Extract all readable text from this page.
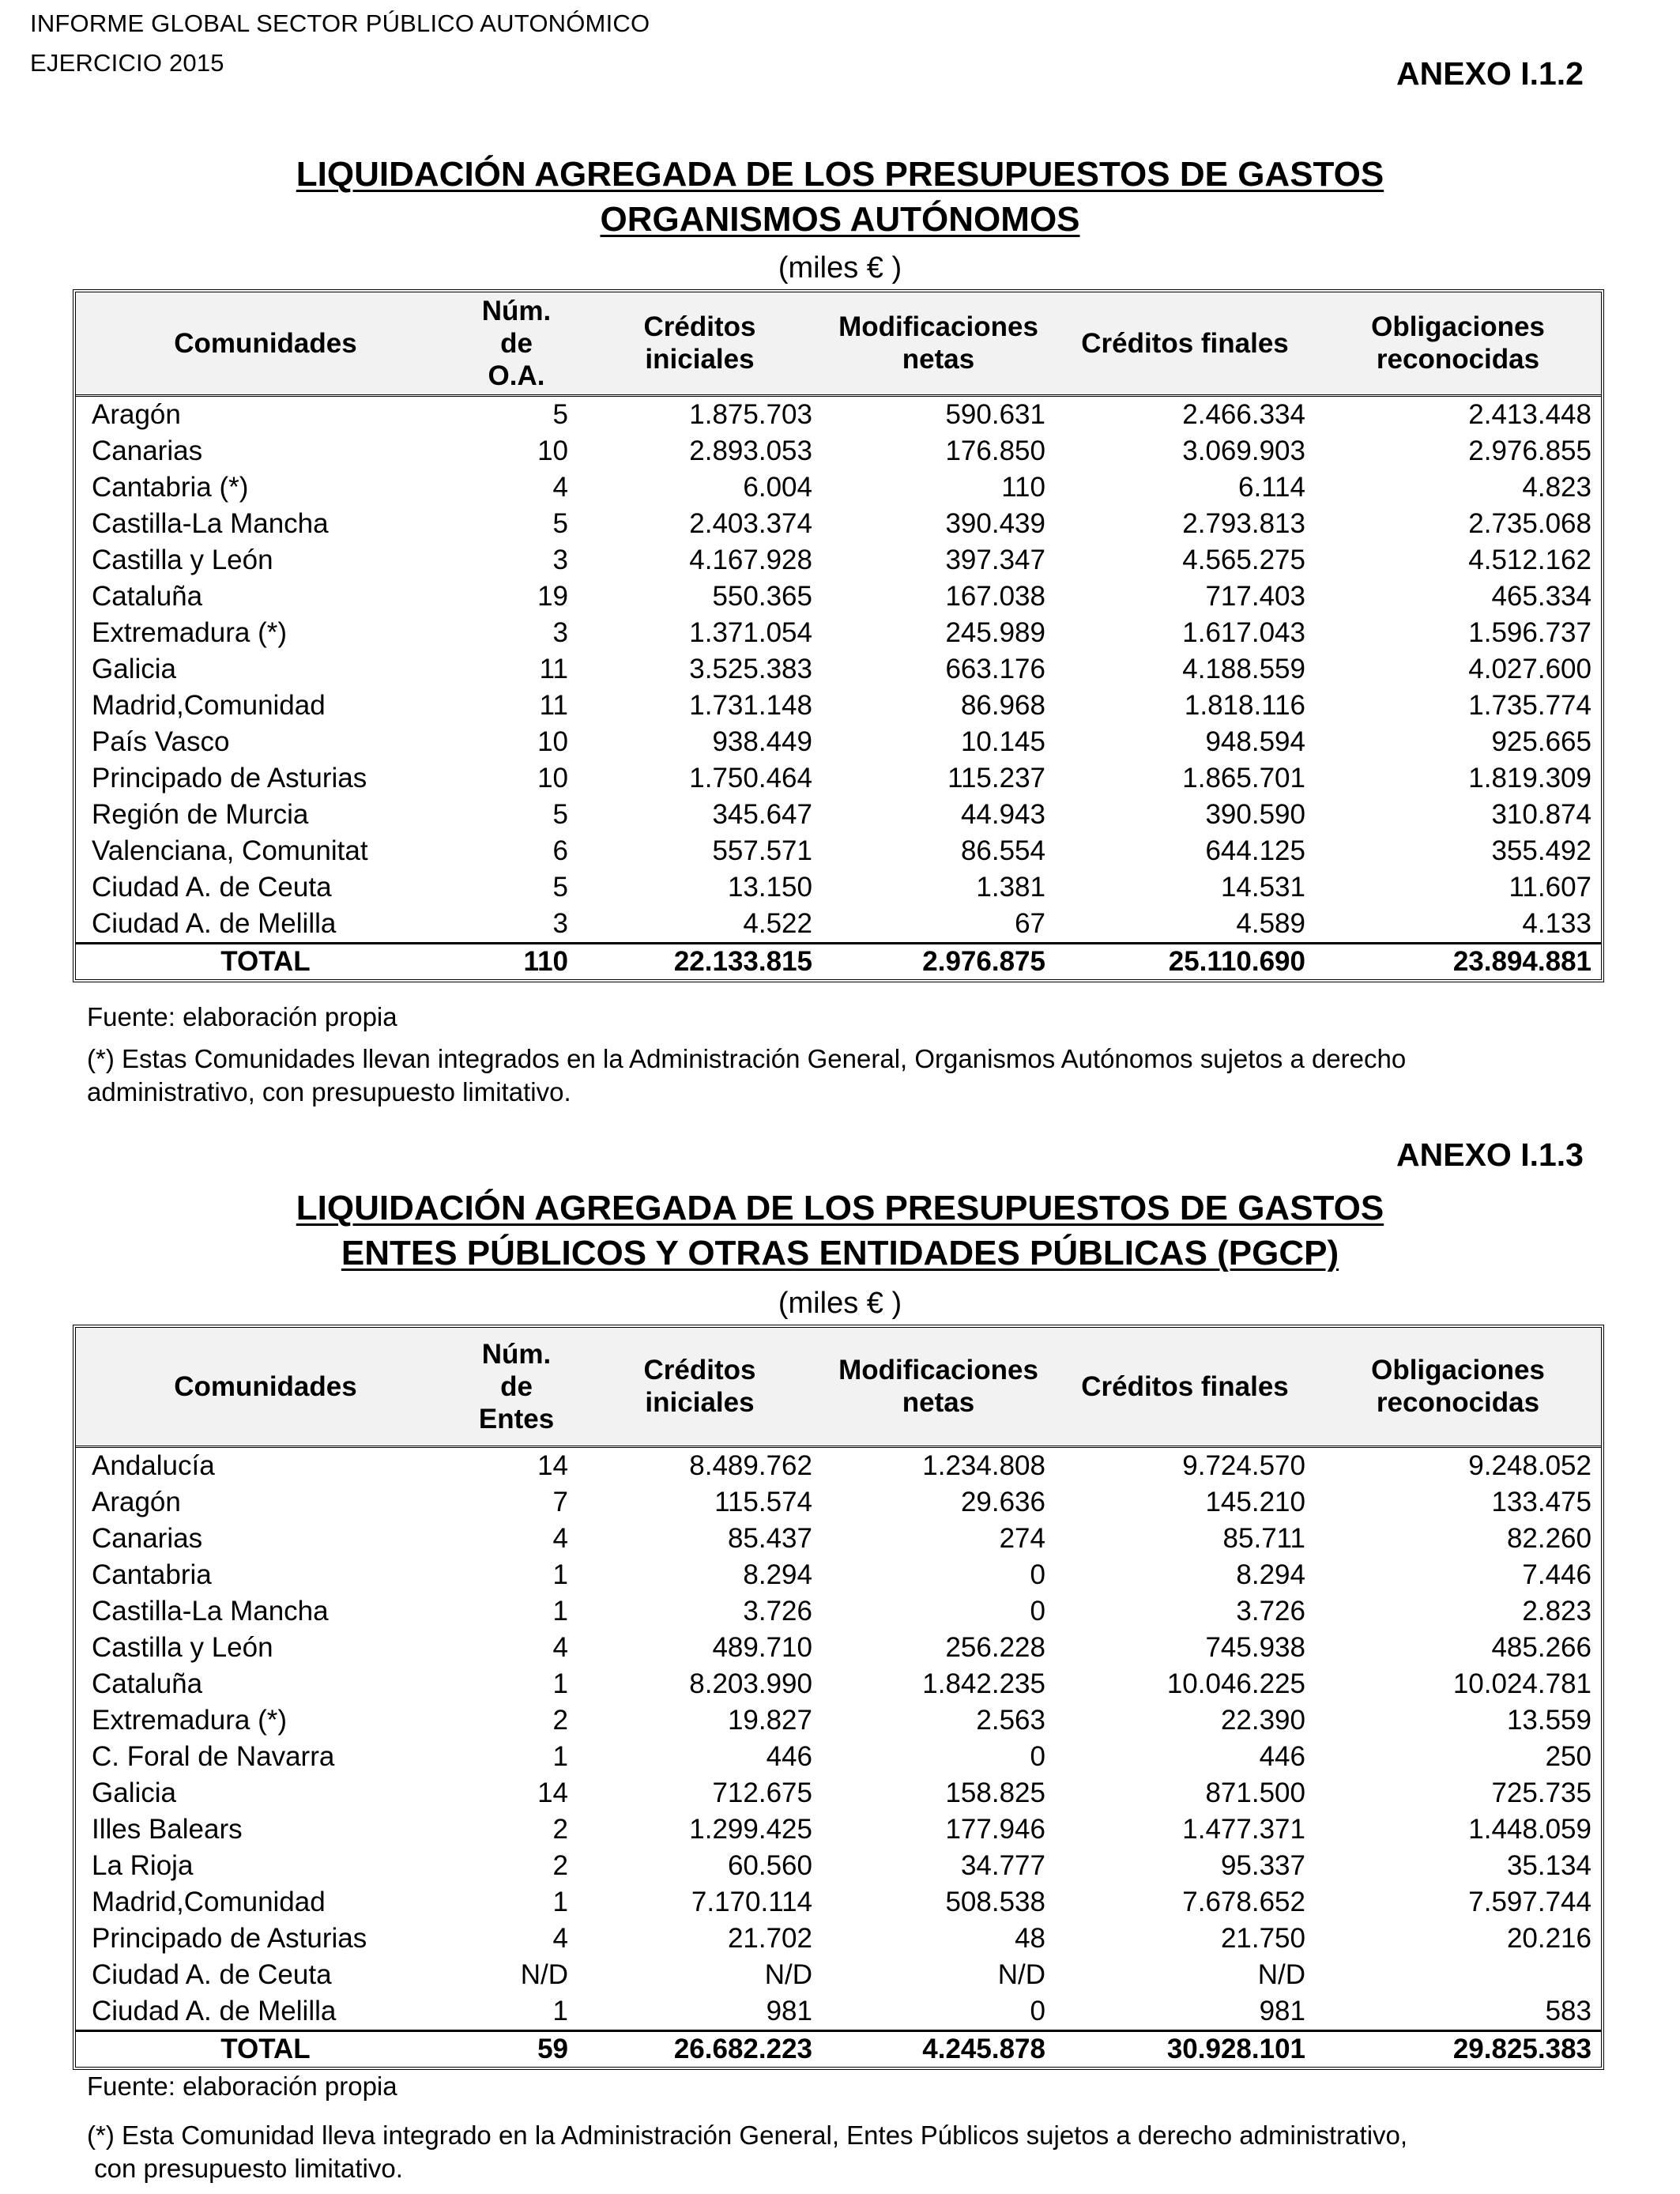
INFORME GLOBAL SECTOR PÚBLICO AUTONÓMICO
EJERCICIO 2015	ANEXO I.1.2
LIQUIDACIÓN AGREGADA DE LOS PRESUPUESTOS DE GASTOS
ORGANISMOS AUTÓNOMOS
(miles € )
Comunidades	Núm.
de
O.A.	Créditos
iniciales	Modificaciones
netas	Créditos finales	Obligaciones
reconocidas
Aragón	5	1.875.703	590.631	2.466.334	2.413.448
Canarias	10	2.893.053	176.850	3.069.903	2.976.855
Cantabria (*)	4	6.004	110	6.114	4.823
Castilla-La Mancha	5	2.403.374	390.439	2.793.813	2.735.068
Castilla y León	3	4.167.928	397.347	4.565.275	4.512.162
Cataluña	19	550.365	167.038	717.403	465.334
Extremadura (*)	3	1.371.054	245.989	1.617.043	1.596.737
Galicia	11	3.525.383	663.176	4.188.559	4.027.600
Madrid,Comunidad	11	1.731.148	86.968	1.818.116	1.735.774
País Vasco	10	938.449	10.145	948.594	925.665
Principado de Asturias	10	1.750.464	115.237	1.865.701	1.819.309
Región de Murcia	5	345.647	44.943	390.590	310.874
Valenciana, Comunitat	6	557.571	86.554	644.125	355.492
Ciudad A. de Ceuta	5	13.150	1.381	14.531	11.607
Ciudad A. de Melilla	3	4.522	67	4.589	4.133
TOTAL	110	22.133.815	2.976.875	25.110.690	23.894.881
Fuente: elaboración propia
(*) Estas Comunidades llevan integrados en la Administración General, Organismos Autónomos sujetos a derecho
administrativo, con presupuesto limitativo.
ANEXO I.1.3
LIQUIDACIÓN AGREGADA DE LOS PRESUPUESTOS DE GASTOS
ENTES PÚBLICOS Y OTRAS ENTIDADES PÚBLICAS (PGCP)
(miles € )
Comunidades	Núm.
de
Entes	Créditos
iniciales	Modificaciones
netas	Créditos finales	Obligaciones
reconocidas
Andalucía	14	8.489.762	1.234.808	9.724.570	9.248.052
Aragón	7	115.574	29.636	145.210	133.475
Canarias	4	85.437	274	85.711	82.260
Cantabria	1	8.294	0	8.294	7.446
Castilla-La Mancha	1	3.726	0	3.726	2.823
Castilla y León	4	489.710	256.228	745.938	485.266
Cataluña	1	8.203.990	1.842.235	10.046.225	10.024.781
Extremadura (*)	2	19.827	2.563	22.390	13.559
C. Foral de Navarra	1	446	0	446	250
Galicia	14	712.675	158.825	871.500	725.735
Illes Balears	2	1.299.425	177.946	1.477.371	1.448.059
La Rioja	2	60.560	34.777	95.337	35.134
Madrid,Comunidad	1	7.170.114	508.538	7.678.652	7.597.744
Principado de Asturias	4	21.702	48	21.750	20.216
Ciudad A. de Ceuta	N/D	N/D	N/D	N/D	
Ciudad A. de Melilla	1	981	0	981	583
TOTAL	59	26.682.223	4.245.878	30.928.101	29.825.383
Fuente: elaboración propia
(*) Esta Comunidad lleva integrado en la Administración General, Entes Públicos sujetos a derecho administrativo,
con presupuesto limitativo.
